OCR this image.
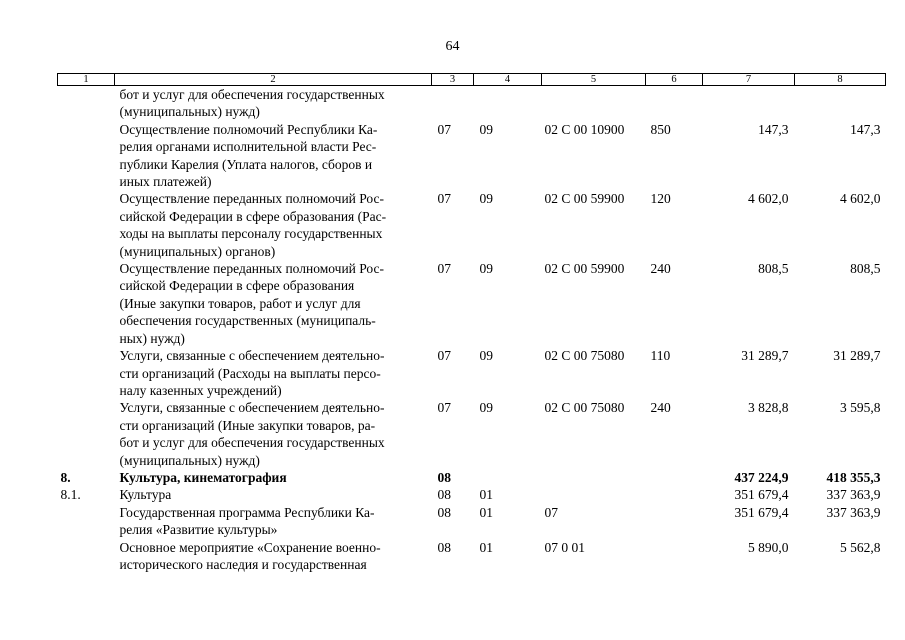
64
1	2	3	4	5	6	7	8

	бот и услуг для обеспечения государственных
(муниципальных) нужд)						

	Осуществление полномочий Республики Ка-
релия органами исполнительной власти Рес-
публики Карелия (Уплата налогов, сборов и
иных платежей)	07	09	02 С 00 10900	850	147,3	147,3

	Осуществление переданных полномочий Рос-
сийской Федерации в сфере образования (Рас-
ходы на выплаты персоналу государственных
(муниципальных) органов)	07	09	02 С 00 59900	120	4 602,0	4 602,0

	Осуществление переданных полномочий Рос-
сийской Федерации в сфере образования
(Иные закупки товаров, работ и услуг для
обеспечения государственных (муниципаль-
ных) нужд)	07	09	02 С 00 59900	240	808,5	808,5

	Услуги, связанные с обеспечением деятельно-
сти организаций (Расходы на выплаты персо-
налу казенных учреждений)	07	09	02 С 00 75080	110	31 289,7	31 289,7

	Услуги, связанные с обеспечением деятельно-
сти организаций (Иные закупки товаров, ра-
бот и услуг для обеспечения государственных
(муниципальных) нужд)	07	09	02 С 00 75080	240	3 828,8	3 595,8
8.	Культура, кинематография	08				437 224,9	418 355,3
8.1.	Культура	08	01			351 679,4	337 363,9

	Государственная программа Республики Ка-
релия «Развитие культуры»	08	01	07		351 679,4	337 363,9

	Основное мероприятие «Сохранение военно-
исторического наследия и государственная	08	01	07 0 01		5 890,0	5 562,8
